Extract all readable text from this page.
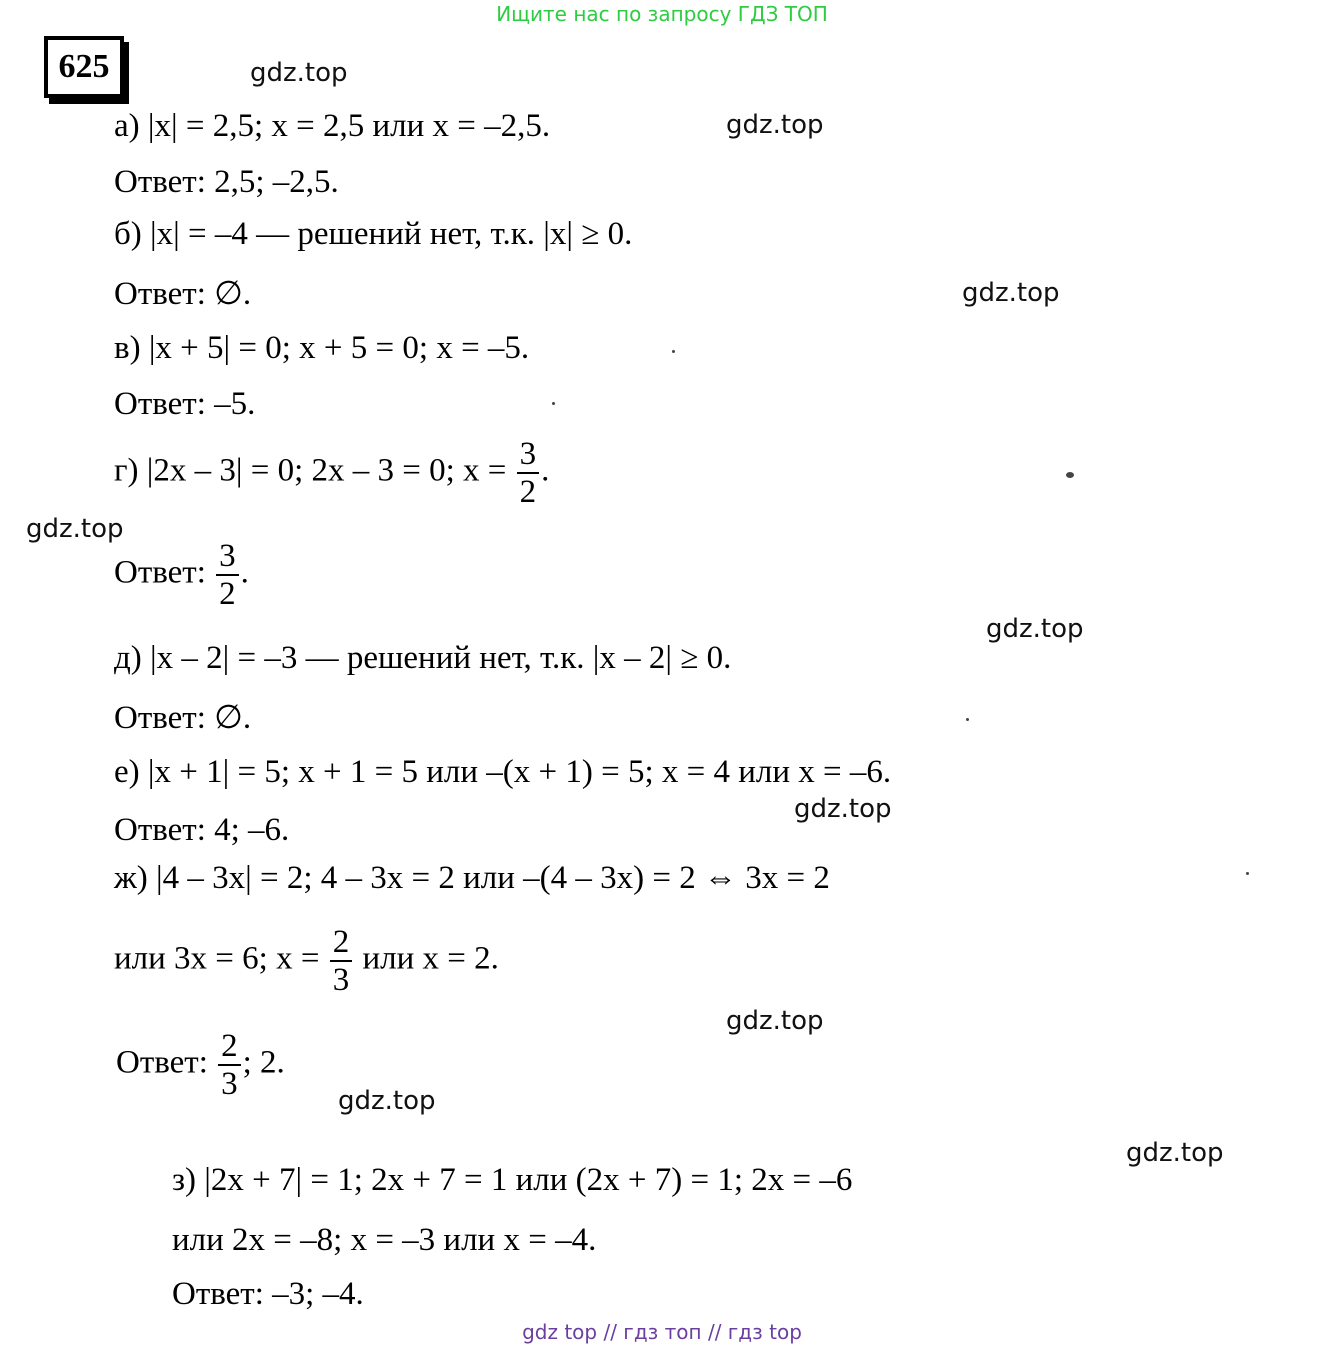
Ищите нас по запросу ГДЗ ТОП
625	gdz.top
gdz.top
gdz.top
gdz.top
gdz.top
gdz.top
gdz.top
gdz.top
gdz.top
а) |x| = 2,5; x = 2,5 или x = –2,5.
Ответ: 2,5; –2,5.
б) |x| = –4 — решений нет, т.к. |x| ≥ 0.
Ответ: ∅.
в) |x + 5| = 0; x + 5 = 0; x = –5.
Ответ: –5.
г) |2x – 3| = 0; 2x – 3 = 0; $x = \frac{3}{2}$ .
Ответ: $\frac{3}{2}$ .
д) |x – 2| = –3 — решений нет, т.к. |x – 2| ≥ 0.
Ответ: ∅.
е) |x + 1| = 5; x + 1 = 5 или –(x + 1) = 5; x = 4 или x = –6.
Ответ: 4; –6.
ж) |4 – 3x| = 2; 4 – 3x = 2 или –(4 – 3x) = 2 ⇔ 3x = 2
или 3x = 6; $x = \frac{2}{3}$ или x = 2.
Ответ: $\frac{2}{3}$ ; 2.
з) |2x + 7| = 1; 2x + 7 = 1 или (2x + 7) = 1; 2x = –6
или 2x = –8; x = –3 или x = –4.
Ответ: –3; –4.
gdz top // гдз топ // гдз top
